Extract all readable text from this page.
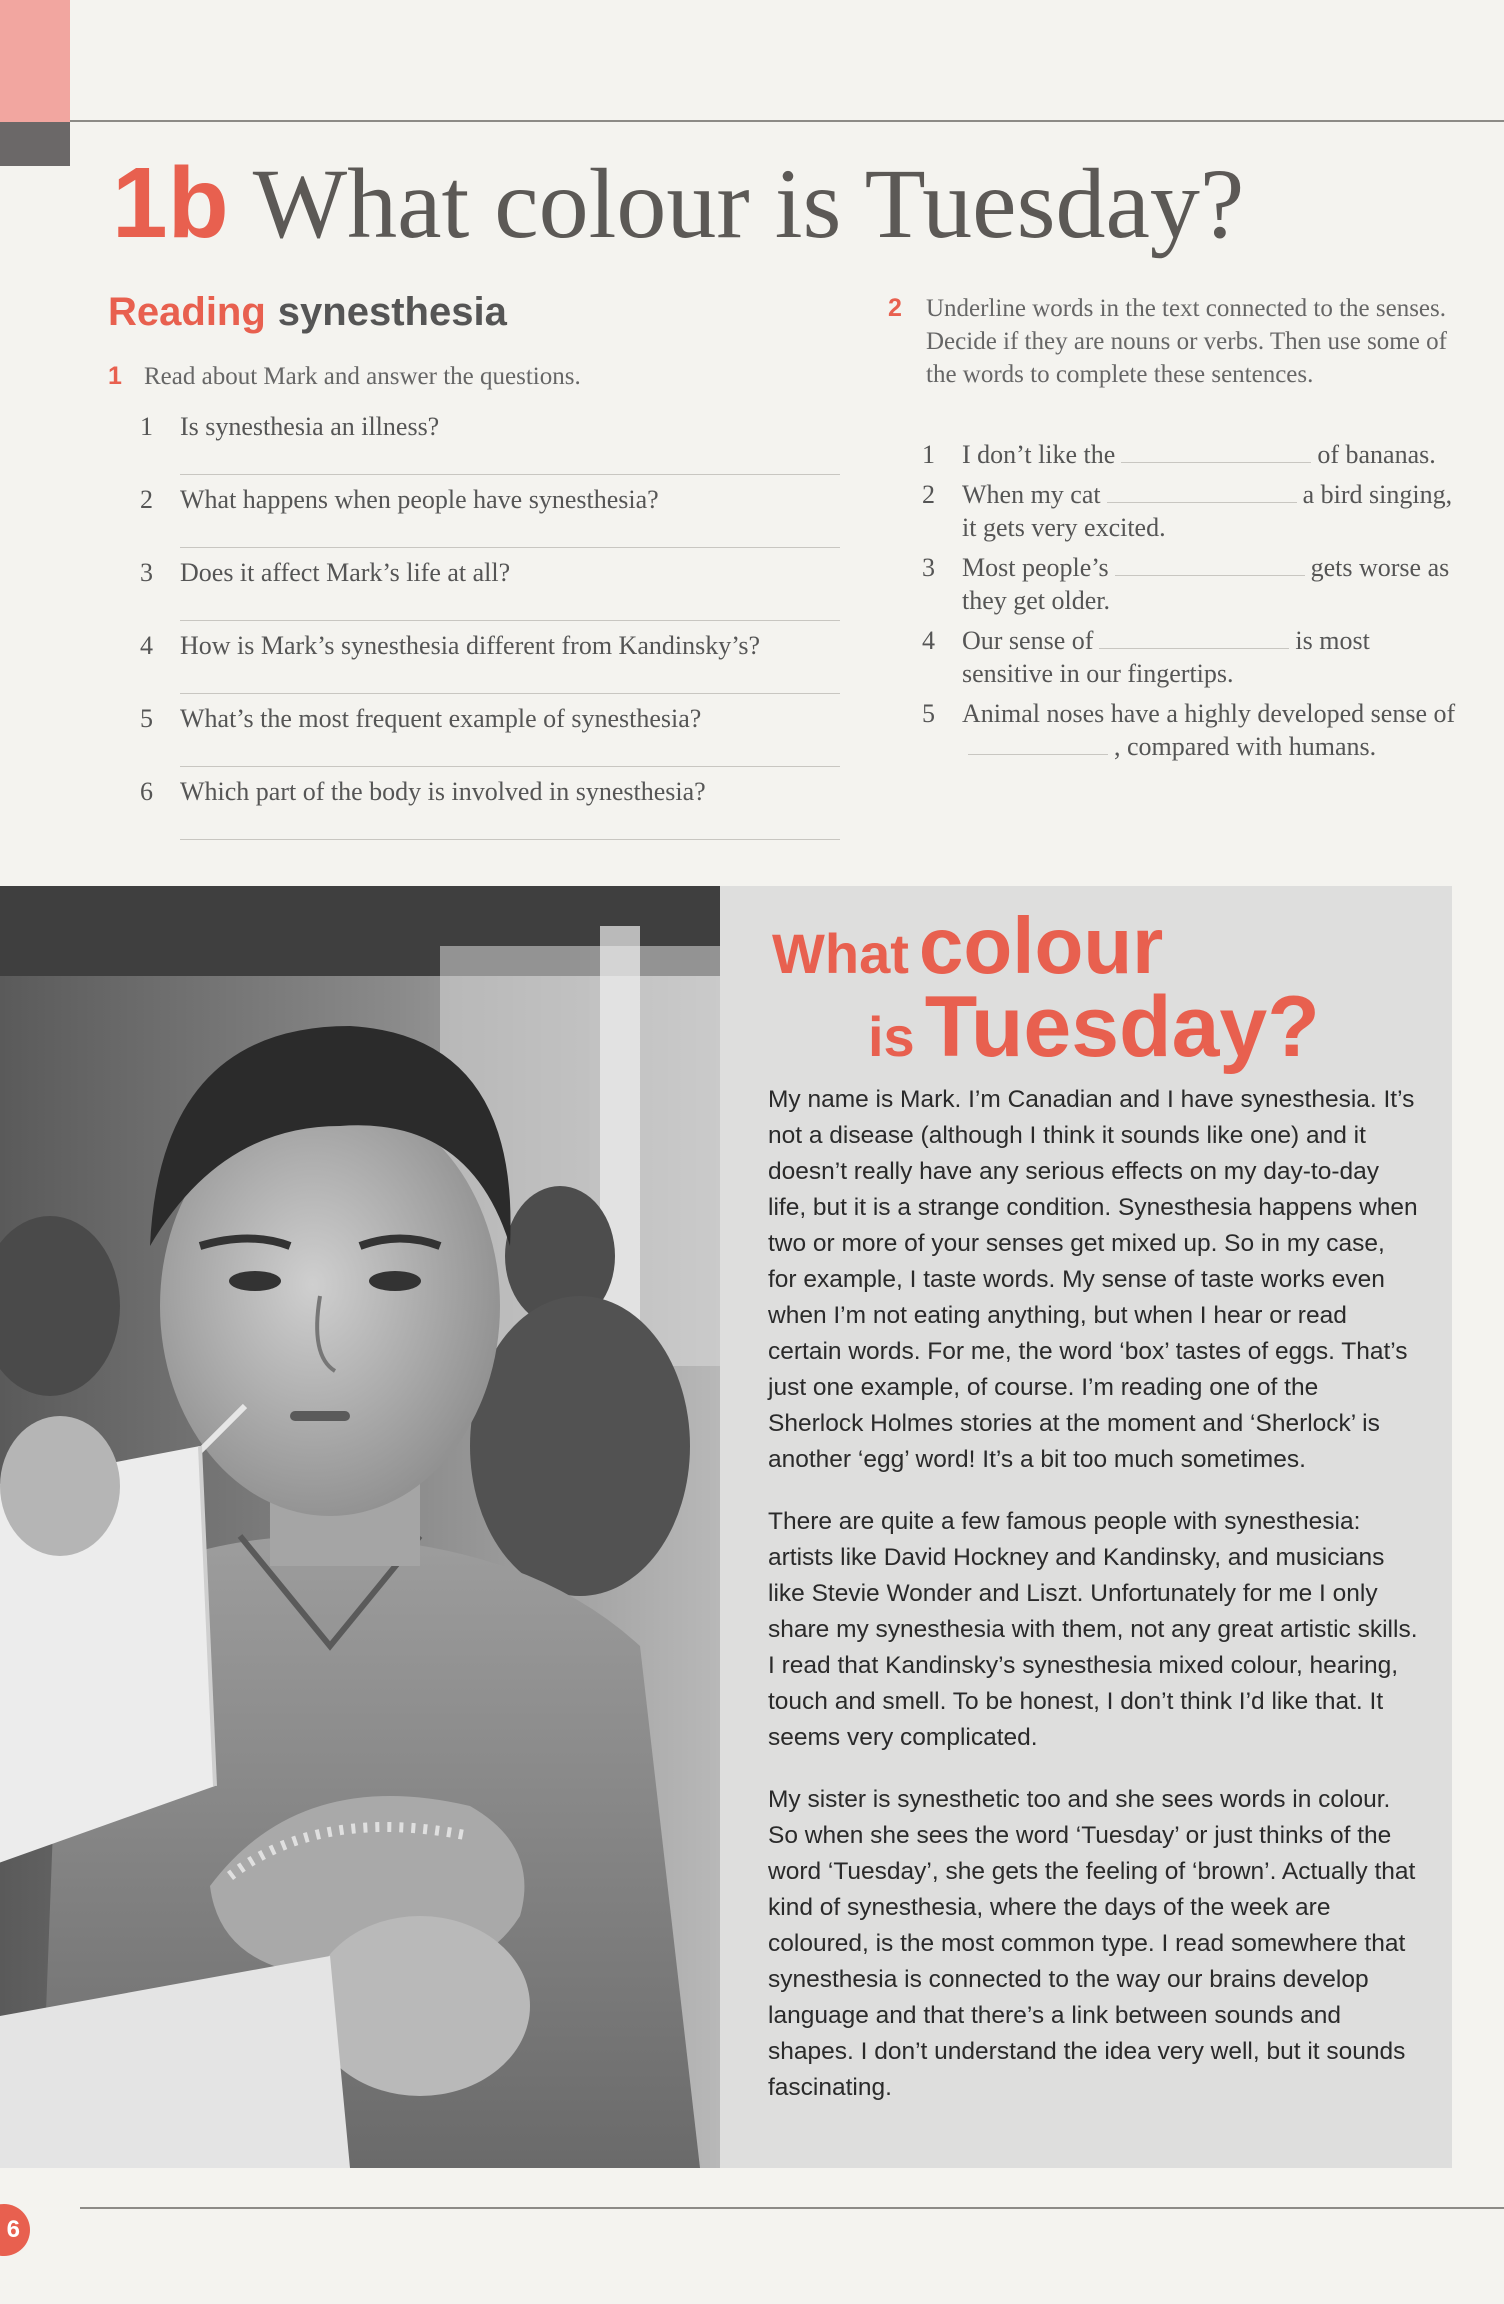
1b What colour is Tuesday?
Reading synesthesia
1 Read about Mark and answer the questions.
1 Is synesthesia an illness?
2 What happens when people have synesthesia?
3 Does it affect Mark’s life at all?
4 How is Mark’s synesthesia different from Kandinsky’s?
5 What’s the most frequent example of synesthesia?
6 Which part of the body is involved in synesthesia?
2 Underline words in the text connected to the senses. Decide if they are nouns or verbs. Then use some of the words to complete these sentences.
1	I don’t like the	of bananas.
2	When my cat	a bird singing, it gets very excited.
3	Most people’s	gets worse as they get older.
4	Our sense of	is most sensitive in our fingertips.
5	Animal noses have a highly developed sense of, compared with humans.
What colour
is Tuesday?

My name is Mark. I’m Canadian and I have synesthesia. It’s not a disease (although I think it sounds like one) and it doesn’t really have any serious effects on my day-to-day life, but it is a strange condition. Synesthesia happens when two or more of your senses get mixed up. So in my case, for example, I taste words. My sense of taste works even when I’m not eating anything, but when I hear or read certain words. For me, the word ‘box’ tastes of eggs. That’s just one example, of course. I’m reading one of the Sherlock Holmes stories at the moment and ‘Sherlock’ is another ‘egg’ word! It’s a bit too much sometimes.

There are quite a few famous people with synesthesia: artists like David Hockney and Kandinsky, and musicians like Stevie Wonder and Liszt. Unfortunately for me I only share my synesthesia with them, not any great artistic skills. I read that Kandinsky’s synesthesia mixed colour, hearing, touch and smell. To be honest, I don’t think I’d like that. It seems very complicated.

My sister is synesthetic too and she sees words in colour. So when she sees the word ‘Tuesday’ or just thinks of the word ‘Tuesday’, she gets the feeling of ‘brown’. Actually that kind of synesthesia, where the days of the week are coloured, is the most common type. I read somewhere that synesthesia is connected to the way our brains develop language and that there’s a link between sounds and shapes. I don’t understand the idea very well, but it sounds fascinating.

6
